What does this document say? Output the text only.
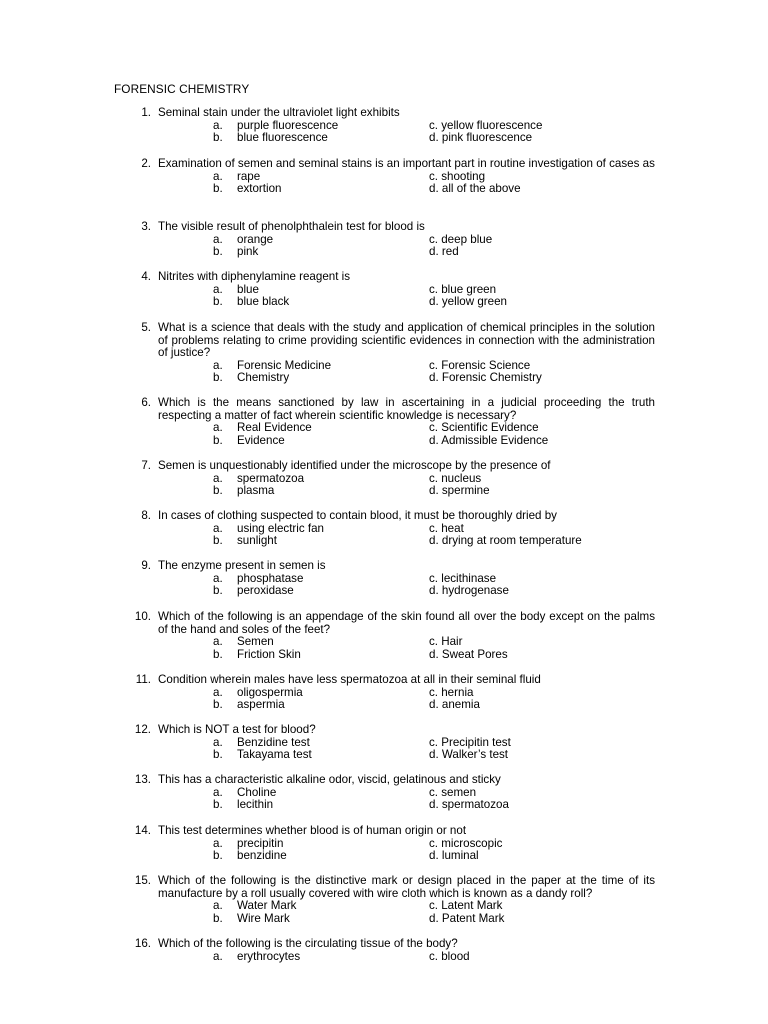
FORENSIC CHEMISTRY
1. Seminal stain under the ultraviolet light exhibits
a.	purple fluorescence	c. yellow fluorescence
b.	blue fluorescence	d. pink fluorescence
2. Examination of semen and seminal stains is an important part in routine investigation of cases as
a.	rape	c. shooting
b.	extortion	d. all of the above
3. The visible result of phenolphthalein test for blood is
a.	orange	c. deep blue
b.	pink	d. red
4. Nitrites with diphenylamine reagent is
a.	blue	c. blue green
b.	blue black	d. yellow green
5. What is a science that deals with the study and application of chemical principles in the solution of problems relating to crime providing scientific evidences in connection with the administration of justice?
a.	Forensic Medicine	c. Forensic Science
b.	Chemistry	d. Forensic Chemistry
6. Which is the means sanctioned by law in ascertaining in a judicial proceeding the truth respecting a matter of fact wherein scientific knowledge is necessary?
a.	Real Evidence	c. Scientific Evidence
b.	Evidence	d. Admissible Evidence
7. Semen is unquestionably identified under the microscope by the presence of
a.	spermatozoa	c. nucleus
b.	plasma	d. spermine
8. In cases of clothing suspected to contain blood, it must be thoroughly dried by
a.	using electric fan	c. heat
b.	sunlight	d. drying at room temperature
9. The enzyme present in semen is
a.	phosphatase	c. lecithinase
b.	peroxidase	d. hydrogenase
10. Which of the following is an appendage of the skin found all over the body except on the palms of the hand and soles of the feet?
a.	Semen	c. Hair
b.	Friction Skin	d. Sweat Pores
11. Condition wherein males have less spermatozoa at all in their seminal fluid
a.	oligospermia	c. hernia
b.	aspermia	d. anemia
12. Which is NOT a test for blood?
a.	Benzidine test	c. Precipitin test
b.	Takayama test	d. Walker’s test
13. This has a characteristic alkaline odor, viscid, gelatinous and sticky
a.	Choline	c. semen
b.	lecithin	d. spermatozoa
14. This test determines whether blood is of human origin or not
a.	precipitin	c. microscopic
b.	benzidine	d. luminal
15. Which of the following is the distinctive mark or design placed in the paper at the time of its manufacture by a roll usually covered with wire cloth which is known as a dandy roll?
a.	Water Mark	c. Latent Mark
b.	Wire Mark	d. Patent Mark
16. Which of the following is the circulating tissue of the body?
a.	erythrocytes	c. blood
